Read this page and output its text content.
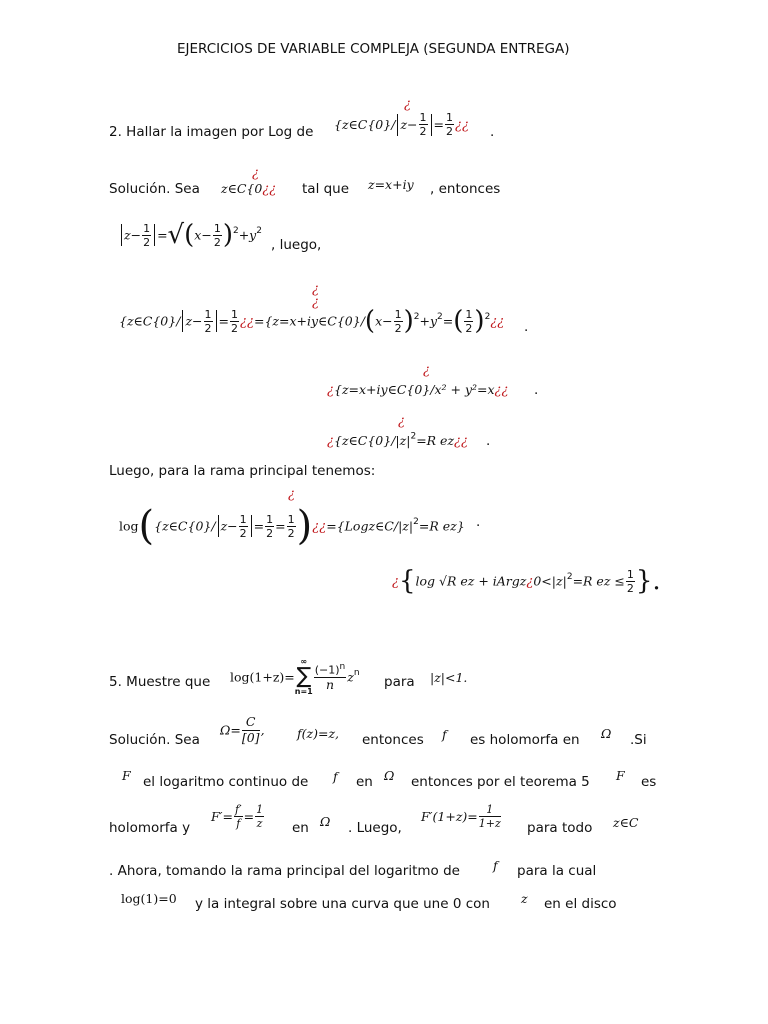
EJERCICIOS DE VARIABLE COMPLEJA (SEGUNDA ENTREGA)
2. Hallar la imagen por Log de {z∈C{0}/ $z- \frac{1}{2} = \frac{1}{2}$ ¿¿
¿
.
Solución. Sea z∈C{0¿¿
¿
tal que z=x+iy , entonces
$z- \frac{1}{2} =√(x- \frac{1}{2} )^2+y^2$
, luego,
¿
¿
{z∈C{0}/ $z- \frac{1}{2} = \frac{1}{2}$ ¿¿={z=x+iy∈C{0}/(x− $\frac{1}{2} )^2+y^2=( \frac{1}{2}$ )$^2¿¿$ .
¿
¿{z=x+iy∈C{0}/x² + y²=x¿¿ .
¿
¿{$z\in C\{0\}/|z|^2=R$ ez¿¿ .
Luego, para la rama principal tenemos:
¿
log({z∈C{0}/ $z- \frac{1}{2} = \frac{1}{2} = \frac{1}{2}$ )¿¿$=\{Logz\in C/|z|^2=R$ ez} .
¿{log √R ez + $iArgz¿0<|z|^2=R$ ez ≤ $\frac{1}{2}$ }.
5. Muestre que log(1+z)=
∞
∑
n=1
$\frac{(-1)^n}{n} z^n$
para |z|<1.
Solución. Sea
$\Omega= \frac{C}{[0]}$ ,	f(z)=z, entonces f es holomorfa en Ω .Si
F el logaritmo continuo de f en Ω entonces por el teorema 5 F es
holomorfa y
$F'= \frac{f'}{f} = \frac{1}{z}$ en Ω . Luego,
$F'(1+z)= \frac{1}{1+z}$ para todo z∈C
. Ahora, tomando la rama principal del logaritmo de	f para la cual
log(1)=0 y la integral sobre una curva que une 0 con z en el disco
